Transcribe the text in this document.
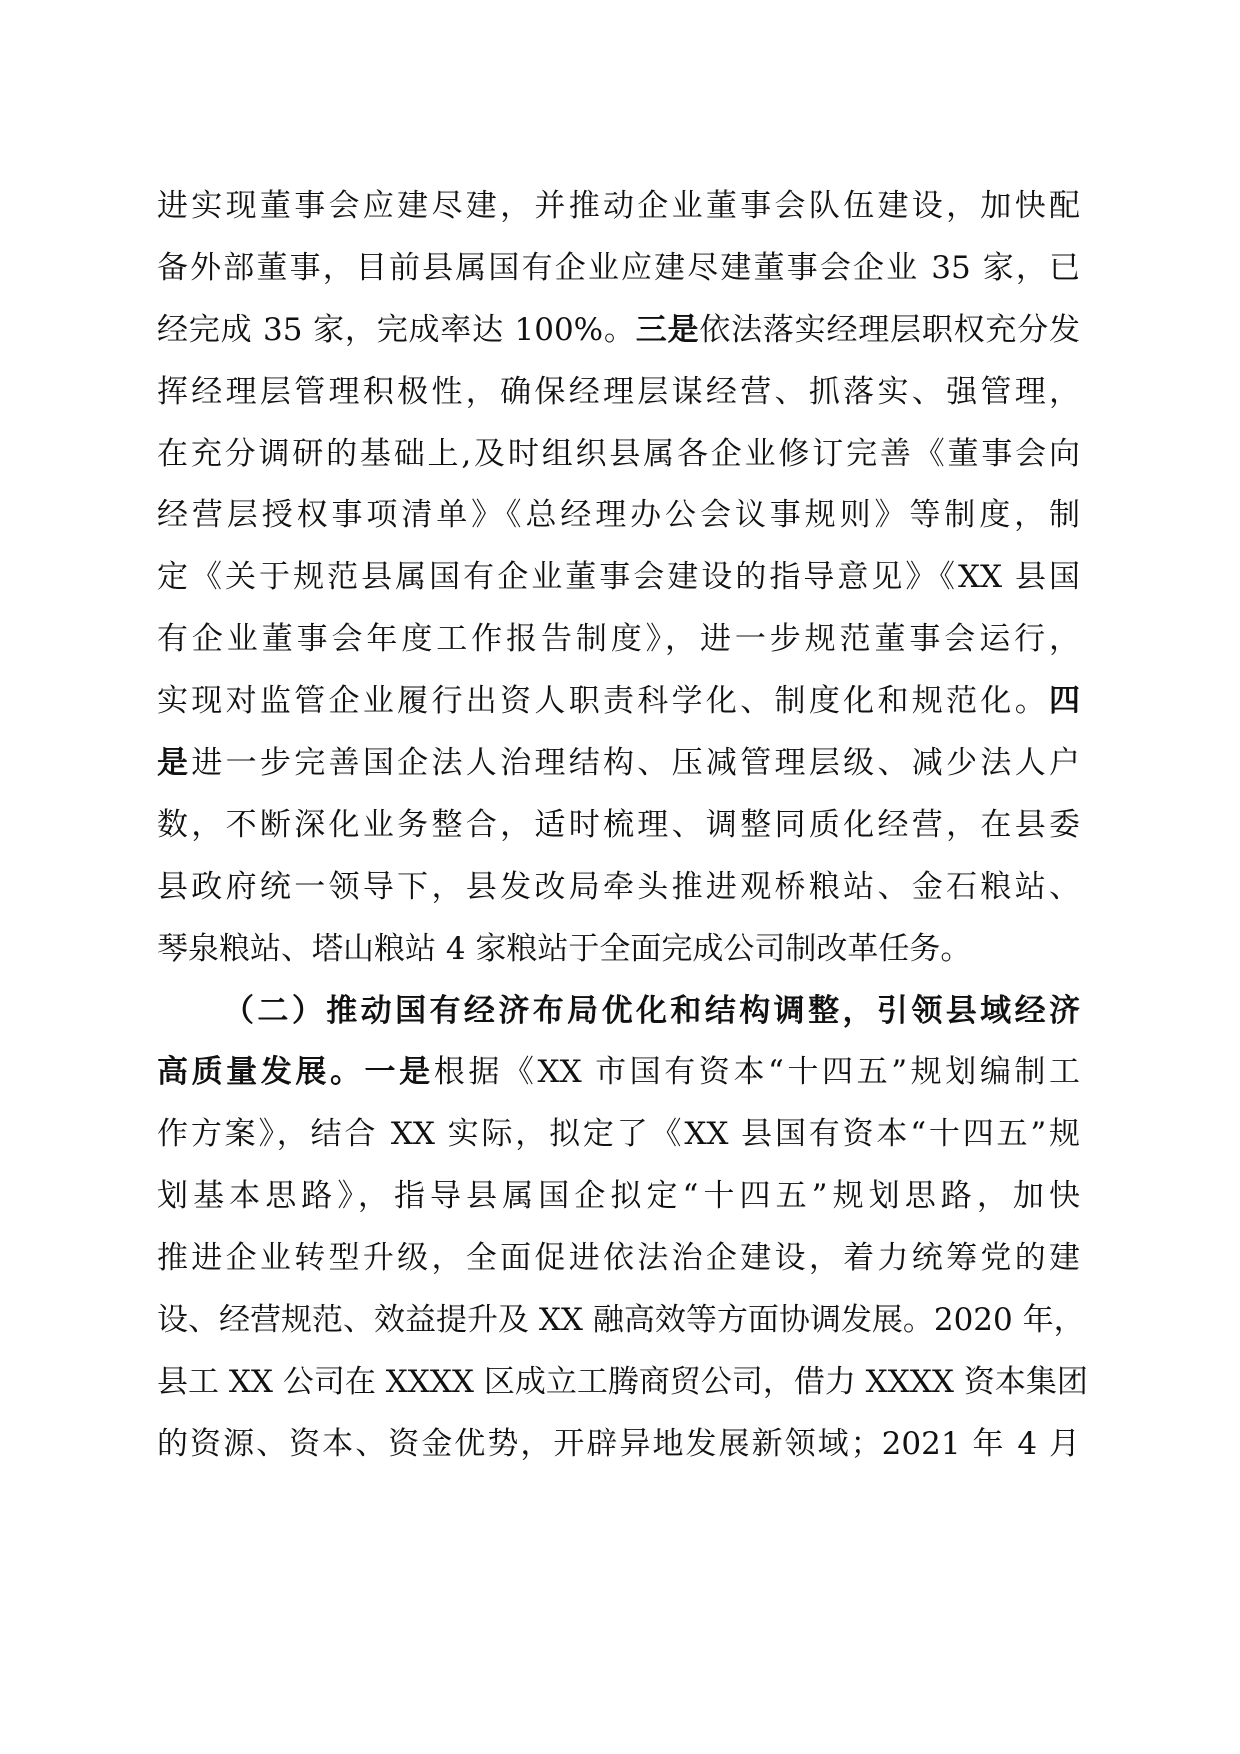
进实现董事会应建尽建，并推动企业董事会队伍建设，加快配
备外部董事，目前县属国有企业应建尽建董事会企业 35 家，已
经完成 35 家，完成率达 100%。三是依法落实经理层职权充分发
挥经理层管理积极性，确保经理层谋经营、抓落实、强管理，
在充分调研的基础上,及时组织县属各企业修订完善《董事会向
经营层授权事项清单》《总经理办公会议事规则》等制度，制
定《关于规范县属国有企业董事会建设的指导意见》《XX 县国
有企业董事会年度工作报告制度》，进一步规范董事会运行，
实现对监管企业履行出资人职责科学化、制度化和规范化。四
是进一步完善国企法人治理结构、压减管理层级、减少法人户
数，不断深化业务整合，适时梳理、调整同质化经营，在县委
县政府统一领导下，县发改局牵头推进观桥粮站、金石粮站、
琴泉粮站、塔山粮站 4 家粮站于全面完成公司制改革任务。
（二）推动国有经济布局优化和结构调整，引领县域经济
高质量发展。一是根据《XX 市国有资本“十四五”规划编制工
作方案》，结合 XX 实际，拟定了《XX 县国有资本“十四五”规
划基本思路》，指导县属国企拟定“十四五”规划思路，加快
推进企业转型升级，全面促进依法治企建设，着力统筹党的建
设、经营规范、效益提升及 XX 融高效等方面协调发展。2020 年，
县工 XX 公司在 XXXX 区成立工腾商贸公司，借力 XXXX 资本集团
的资源、资本、资金优势，开辟异地发展新领域；2021 年 4 月
